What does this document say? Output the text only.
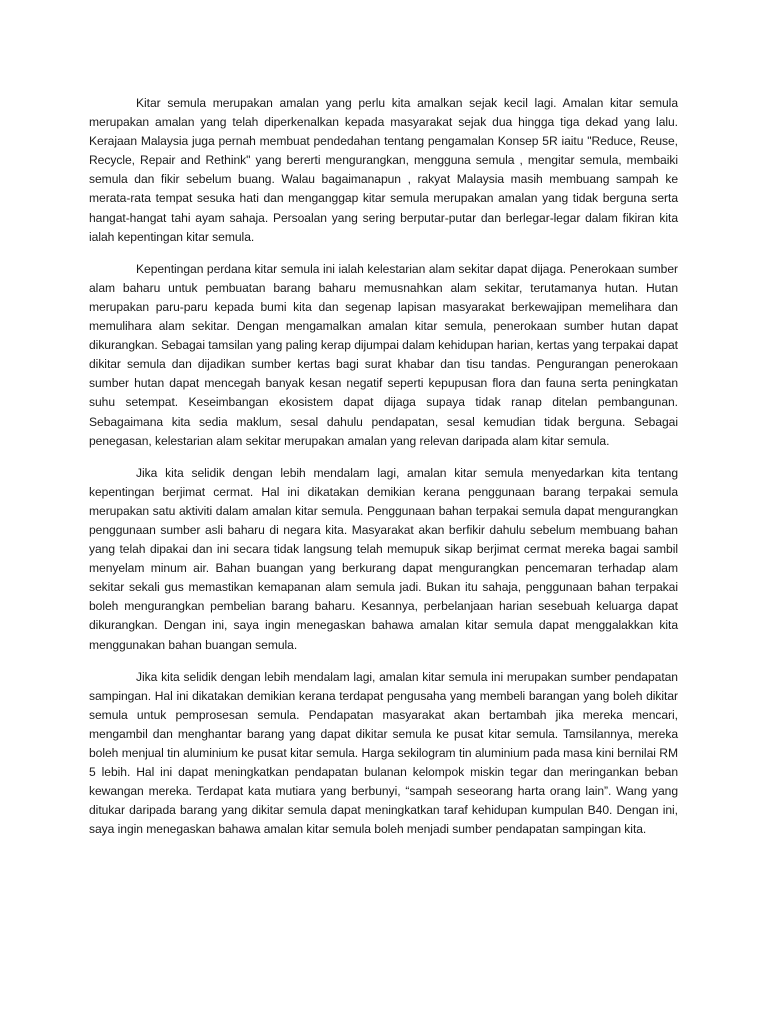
Kitar semula merupakan amalan yang perlu kita amalkan sejak kecil lagi. Amalan kitar semula merupakan amalan yang telah diperkenalkan kepada masyarakat sejak dua hingga tiga dekad yang lalu. Kerajaan Malaysia juga pernah membuat pendedahan tentang pengamalan Konsep 5R iaitu "Reduce, Reuse, Recycle, Repair and Rethink" yang bererti mengurangkan, mengguna semula , mengitar semula, membaiki semula dan fikir sebelum buang. Walau bagaimanapun , rakyat Malaysia masih membuang sampah ke merata-rata tempat sesuka hati dan menganggap kitar semula merupakan amalan yang tidak berguna serta hangat-hangat tahi ayam sahaja. Persoalan yang sering berputar-putar dan berlegar-legar dalam fikiran kita ialah kepentingan kitar semula.

Kepentingan perdana kitar semula ini ialah kelestarian alam sekitar dapat dijaga. Penerokaan sumber alam baharu untuk pembuatan barang baharu memusnahkan alam sekitar, terutamanya hutan. Hutan merupakan paru-paru kepada bumi kita dan segenap lapisan masyarakat berkewajipan memelihara dan memulihara alam sekitar. Dengan mengamalkan amalan kitar semula, penerokaan sumber hutan dapat dikurangkan. Sebagai tamsilan yang paling kerap dijumpai dalam kehidupan harian, kertas yang terpakai dapat dikitar semula dan dijadikan sumber kertas bagi surat khabar dan tisu tandas. Pengurangan penerokaan sumber hutan dapat mencegah banyak kesan negatif seperti kepupusan flora dan fauna serta peningkatan suhu setempat. Keseimbangan ekosistem dapat dijaga supaya tidak ranap ditelan pembangunan. Sebagaimana kita sedia maklum, sesal dahulu pendapatan, sesal kemudian tidak berguna. Sebagai penegasan, kelestarian alam sekitar merupakan amalan yang relevan daripada alam kitar semula.

Jika kita selidik dengan lebih mendalam lagi, amalan kitar semula menyedarkan kita tentang kepentingan berjimat cermat. Hal ini dikatakan demikian kerana penggunaan barang terpakai semula merupakan satu aktiviti dalam amalan kitar semula. Penggunaan bahan terpakai semula dapat mengurangkan penggunaan sumber asli baharu di negara kita. Masyarakat akan berfikir dahulu sebelum membuang bahan yang telah dipakai dan ini secara tidak langsung telah memupuk sikap berjimat cermat mereka bagai sambil menyelam minum air. Bahan buangan yang berkurang dapat mengurangkan pencemaran terhadap alam sekitar sekali gus memastikan kemapanan alam semula jadi. Bukan itu sahaja, penggunaan bahan terpakai boleh mengurangkan pembelian barang baharu. Kesannya, perbelanjaan harian sesebuah keluarga dapat dikurangkan. Dengan ini, saya ingin menegaskan bahawa amalan kitar semula dapat menggalakkan kita menggunakan bahan buangan semula.

Jika kita selidik dengan lebih mendalam lagi, amalan kitar semula ini merupakan sumber pendapatan sampingan. Hal ini dikatakan demikian kerana terdapat pengusaha yang membeli barangan yang boleh dikitar semula untuk pemprosesan semula. Pendapatan masyarakat akan bertambah jika mereka mencari, mengambil dan menghantar barang yang dapat dikitar semula ke pusat kitar semula. Tamsilannya, mereka boleh menjual tin aluminium ke pusat kitar semula. Harga sekilogram tin aluminium pada masa kini bernilai RM 5 lebih. Hal ini dapat meningkatkan pendapatan bulanan kelompok miskin tegar dan meringankan beban kewangan mereka. Terdapat kata mutiara yang berbunyi, “sampah seseorang harta orang lain”. Wang yang ditukar daripada barang yang dikitar semula dapat meningkatkan taraf kehidupan kumpulan B40. Dengan ini, saya ingin menegaskan bahawa amalan kitar semula boleh menjadi sumber pendapatan sampingan kita.
